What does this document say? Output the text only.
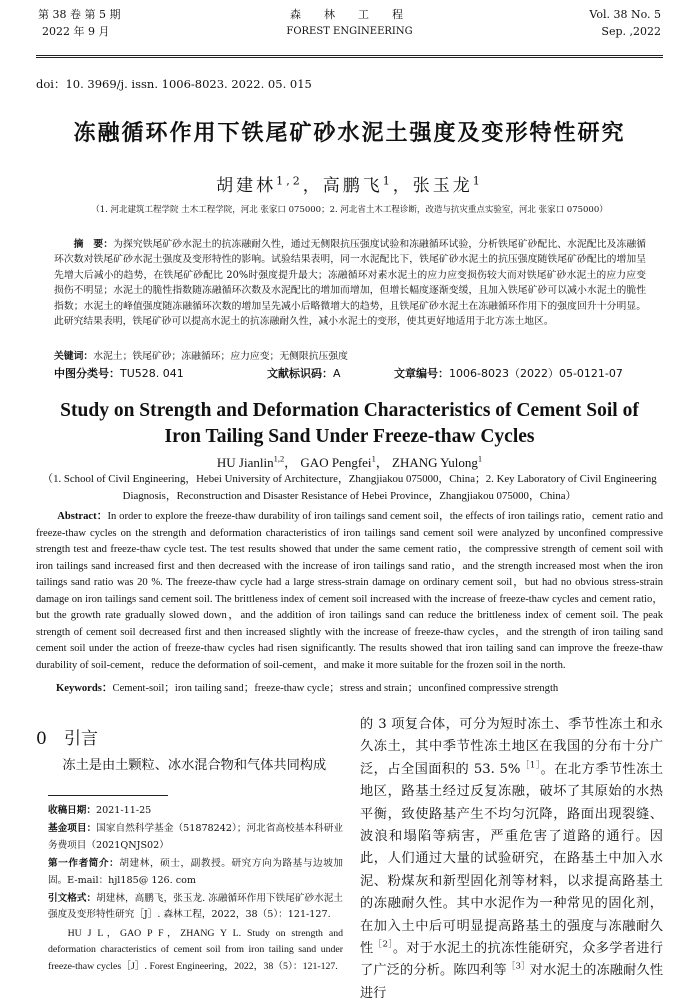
第 38 卷 第 5 期
2022 年 9 月
森　林　工　程
FOREST ENGINEERING
Vol. 38 No. 5
Sep. ,2022
doi：10. 3969/j. issn. 1006-8023. 2022. 05. 015
冻融循环作用下铁尾矿砂水泥土强度及变形特性研究
胡建林$^{1,2}$，高鹏飞$^1$，张玉龙$^1$
（1. 河北建筑工程学院 土木工程学院，河北 张家口 075000；2. 河北省土木工程诊断，改造与抗灾重点实验室，河北 张家口 075000）
摘　要：为探究铁尾矿砂水泥土的抗冻融耐久性，通过无侧限抗压强度试验和冻融循环试验，分析铁尾矿砂配比、水泥配比及冻融循环次数对铁尾矿砂水泥土强度及变形特性的影响。试验结果表明，同一水泥配比下，铁尾矿砂水泥土的抗压强度随铁尾矿砂配比的增加呈先增大后减小的趋势，在铁尾矿砂配比 20%时强度提升最大；冻融循环对素水泥土的应力应变损伤较大而对铁尾矿砂水泥土的应力应变损伤不明显；水泥土的脆性指数随冻融循环次数及水泥配比的增加而增加，但增长幅度逐渐变缓，且加入铁尾矿砂可以减小水泥土的脆性指数；水泥土的峰值强度随冻融循环次数的增加呈先减小后略微增大的趋势，且铁尾矿砂水泥土在冻融循环作用下的强度回升十分明显。此研究结果表明，铁尾矿砂可以提高水泥土的抗冻融耐久性，减小水泥土的变形，使其更好地适用于北方冻土地区。
关键词：水泥土；铁尾矿砂；冻融循环；应力应变；无侧限抗压强度
中图分类号：TU528. 041	文献标识码：A	文章编号：1006-8023（2022）05-0121-07
Study on Strength and Deformation Characteristics of Cement Soil of
Iron Tailing Sand Under Freeze-thaw Cycles
HU Jianlin$^{1,2}$， GAO Pengfei$^1$， ZHANG Yulong$^1$
（1. School of Civil Engineering，Hebei University of Architecture，Zhangjiakou 075000，China；2. Key Laboratory of Civil Engineering Diagnosis，Reconstruction and Disaster Resistance of Hebei Province，Zhangjiakou 075000，China）
Abstract：In order to explore the freeze-thaw durability of iron tailings sand cement soil，the effects of iron tailings ratio，cement ratio and freeze-thaw cycles on the strength and deformation characteristics of iron tailings sand cement soil were analyzed by unconfined compressive strength test and freeze-thaw cycle test. The test results showed that under the same cement ratio，the compressive strength of cement soil with iron tailings sand increased first and then decreased with the increase of iron tailings sand ratio，and the strength increased most when the iron tailings sand ratio was 20 %. The freeze-thaw cycle had a large stress-strain damage on ordinary cement soil，but had no obvious stress-strain damage on iron tailings sand cement soil. The brittleness index of cement soil increased with the increase of freeze-thaw cycles and cement ratio，but the growth rate gradually slowed down，and the addition of iron tailings sand can reduce the brittleness index of cement soil. The peak strength of cement soil decreased first and then increased slightly with the increase of freeze-thaw cycles，and the strength of iron tailing sand cement soil under the action of freeze-thaw cycles had risen significantly. The results showed that iron tailing sand can improve the freeze-thaw durability of soil-cement，reduce the deformation of soil-cement，and make it more suitable for the frozen soil in the north.
Keywords：Cement-soil；iron tailing sand；freeze-thaw cycle；stress and strain；unconfined compressive strength
0 引言
冻土是由土颗粒、冰水混合物和气体共同构成

收稿日期：2021-11-25

基金项目：国家自然科学基金（51878242）；河北省高校基本科研业务费项目（2021QNJS02）

第一作者简介：胡建林，硕士，副教授。研究方向为路基与边坡加固。E-mail：hjl185@ 126. com

引文格式：胡建林，高鹏飞，张玉龙. 冻融循环作用下铁尾矿砂水泥土强度及变形特性研究［J］. 森林工程，2022，38（5）：121-127.

HU J L，GAO P F，ZHANG Y L. Study on strength and deformation characteristics of cement soil from iron tailing sand under freeze-thaw cycles［J］. Forest Engineering，2022，38（5）：121-127.

的 3 项复合体，可分为短时冻土、季节性冻土和永久冻土，其中季节性冻土地区在我国的分布十分广泛，占全国面积的 53. 5%$^{[1]}$。在北方季节性冻土地区，路基土经过反复冻融，破坏了其原始的水热平衡，致使路基产生不均匀沉降，路面出现裂缝、波浪和塌陷等病害，严重危害了道路的通行。因此，人们通过大量的试验研究，在路基土中加入水泥、粉煤灰和新型固化剂等材料，以求提高路基土的冻融耐久性。其中水泥作为一种常见的固化剂，在加入土中后可明显提高路基土的强度与冻融耐久性$^{[2]}$。对于水泥土的抗冻性能研究，众多学者进行了广泛的分析。陈四利等$^{[3]}$对水泥土的冻融耐久性进行
